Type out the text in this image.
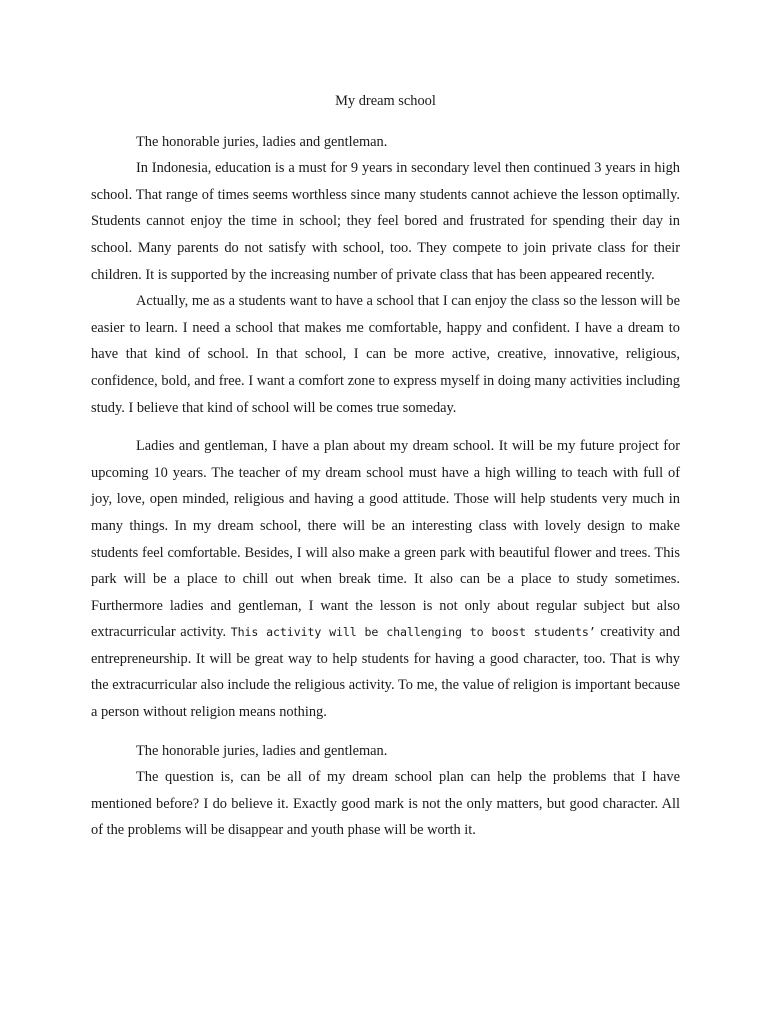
My dream school

The honorable juries, ladies and gentleman.

In Indonesia, education is a must for 9 years in secondary level then continued 3 years in high school. That range of times seems worthless since many students cannot achieve the lesson optimally. Students cannot enjoy the time in school; they feel bored and frustrated for spending their day in school. Many parents do not satisfy with school, too. They compete to join private class for their children. It is supported by the increasing number of private class that has been appeared recently.

Actually, me as a students want to have a school that I can enjoy the class so the lesson will be easier to learn. I need a school that makes me comfortable, happy and confident. I have a dream to have that kind of school. In that school, I can be more active, creative, innovative, religious, confidence, bold, and free. I want a comfort zone to express myself in doing many activities including study. I believe that kind of school will be comes true someday.

Ladies and gentleman, I have a plan about my dream school. It will be my future project for upcoming 10 years. The teacher of my dream school must have a high willing to teach with full of joy, love, open minded, religious and having a good attitude. Those will help students very much in many things. In my dream school, there will be an interesting class with lovely design to make students feel comfortable. Besides, I will also make a green park with beautiful flower and trees. This park will be a place to chill out when break time. It also can be a place to study sometimes. Furthermore ladies and gentleman, I want the lesson is not only about regular subject but also extracurricular activity. This activity will be challenging to boost students’ creativity and entrepreneurship. It will be great way to help students for having a good character, too. That is why the extracurricular also include the religious activity. To me, the value of religion is important because a person without religion means nothing.

The honorable juries, ladies and gentleman.

The question is, can be all of my dream school plan can help the problems that I have mentioned before? I do believe it. Exactly good mark is not the only matters, but good character. All of the problems will be disappear and youth phase will be worth it.
